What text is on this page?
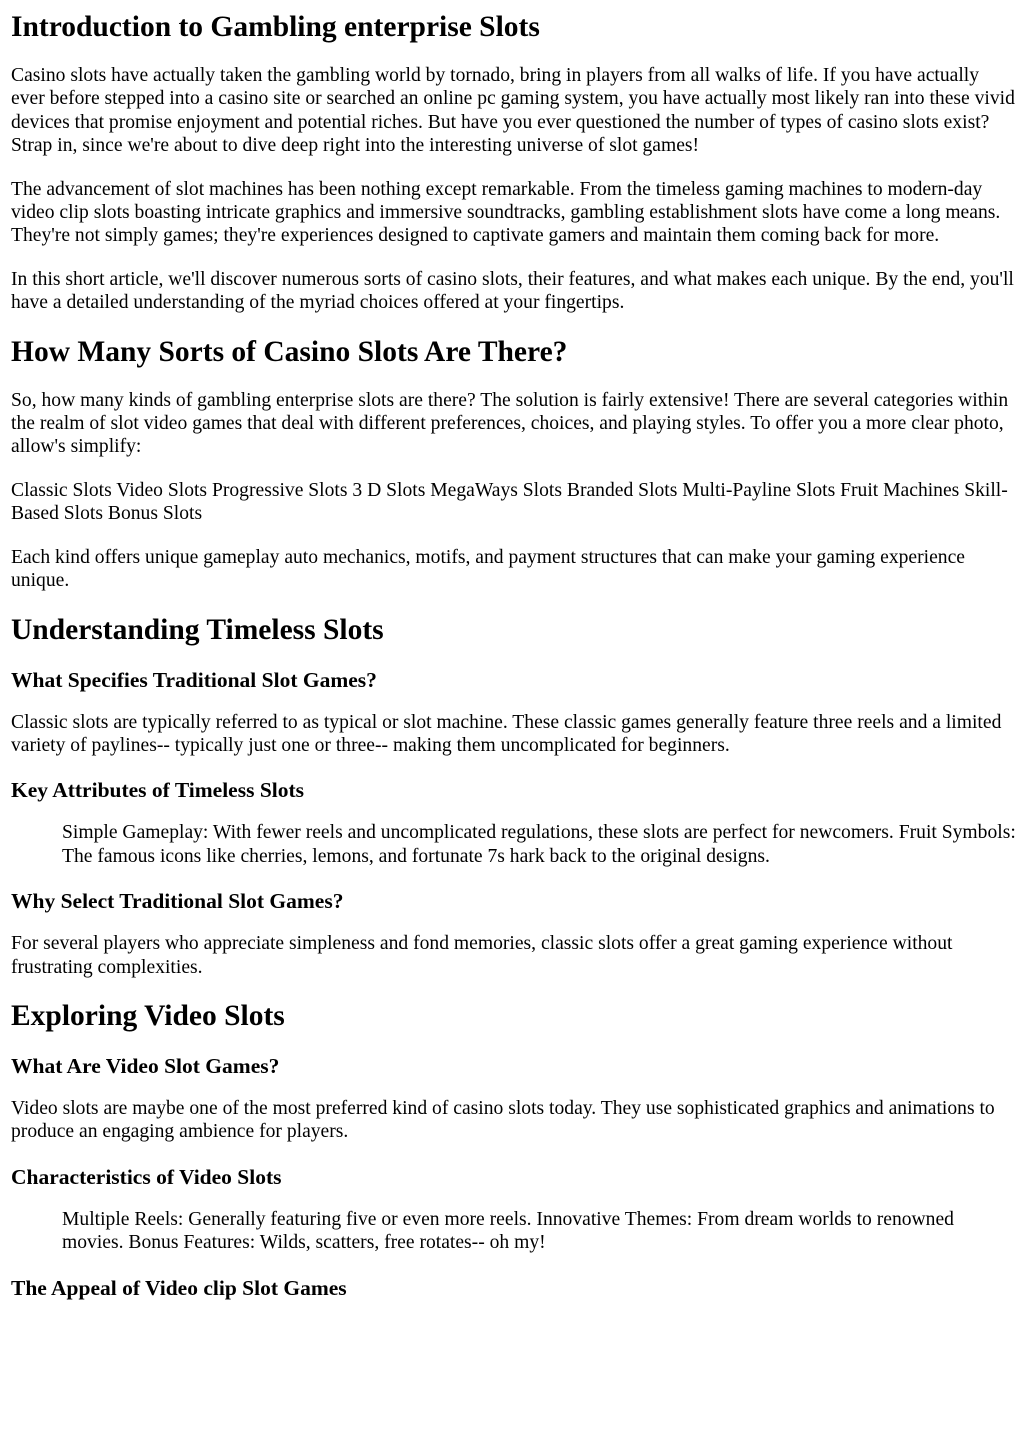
Introduction to Gambling enterprise Slots

Casino slots have actually taken the gambling world by tornado, bring in players from all walks of life. If you have actually ever before stepped into a casino site or searched an online pc gaming system, you have actually most likely ran into these vivid devices that promise enjoyment and potential riches. But have you ever questioned the number of types of casino slots exist? Strap in, since we're about to dive deep right into the interesting universe of slot games!

The advancement of slot machines has been nothing except remarkable. From the timeless gaming machines to modern-day video clip slots boasting intricate graphics and immersive soundtracks, gambling establishment slots have come a long means. They're not simply games; they're experiences designed to captivate gamers and maintain them coming back for more.

In this short article, we'll discover numerous sorts of casino slots, their features, and what makes each unique. By the end, you'll have a detailed understanding of the myriad choices offered at your fingertips.

How Many Sorts of Casino Slots Are There?

So, how many kinds of gambling enterprise slots are there? The solution is fairly extensive! There are several categories within the realm of slot video games that deal with different preferences, choices, and playing styles. To offer you a more clear photo, allow's simplify:

Classic Slots Video Slots Progressive Slots 3 D Slots MegaWays Slots Branded Slots Multi-Payline Slots Fruit Machines Skill-Based Slots Bonus Slots

Each kind offers unique gameplay auto mechanics, motifs, and payment structures that can make your gaming experience unique.

Understanding Timeless Slots
What Specifies Traditional Slot Games?

Classic slots are typically referred to as typical or slot machine. These classic games generally feature three reels and a limited variety of paylines-- typically just one or three-- making them uncomplicated for beginners.

Key Attributes of Timeless Slots
Simple Gameplay: With fewer reels and uncomplicated regulations, these slots are perfect for newcomers. Fruit Symbols: The famous icons like cherries, lemons, and fortunate 7s hark back to the original designs.
Why Select Traditional Slot Games?

For several players who appreciate simpleness and fond memories, classic slots offer a great gaming experience without frustrating complexities.

Exploring Video Slots
What Are Video Slot Games?

Video slots are maybe one of the most preferred kind of casino slots today. They use sophisticated graphics and animations to produce an engaging ambience for players.

Characteristics of Video Slots
Multiple Reels: Generally featuring five or even more reels. Innovative Themes: From dream worlds to renowned movies. Bonus Features: Wilds, scatters, free rotates-- oh my!
The Appeal of Video clip Slot Games
